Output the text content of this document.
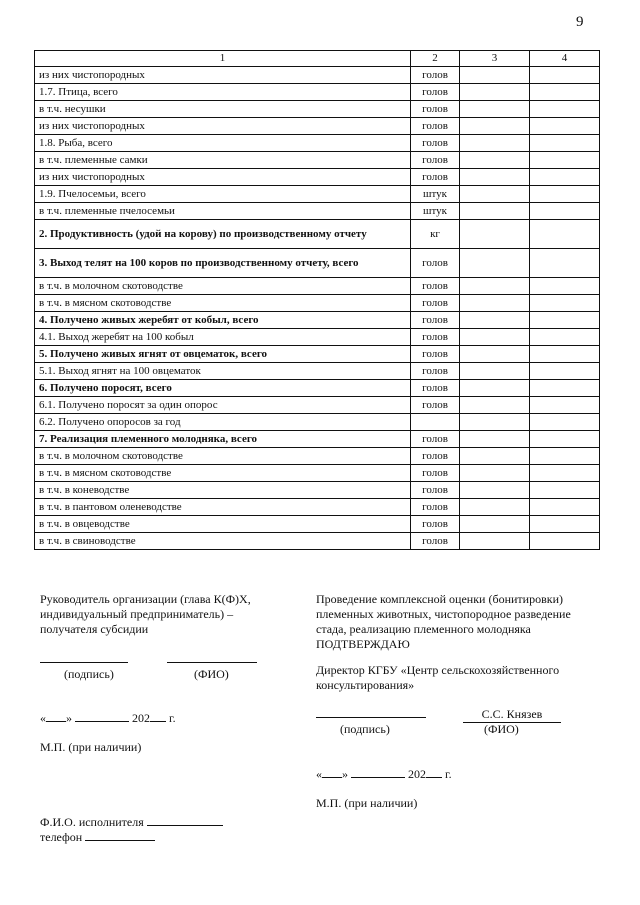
9
1	2	3	4
из них чистопородных	голов		
1.7. Птица, всего	голов		
в т.ч. несушки	голов		
из них чистопородных	голов		
1.8. Рыба, всего	голов		
в т.ч. племенные самки	голов		
из них чистопородных	голов		
1.9. Пчелосемьи, всего	штук		
в т.ч. племенные пчелосемьи	штук		
2. Продуктивность (удой на корову) по производственному отчету	кг		
3. Выход телят на 100 коров по производственному отчету, всего	голов		
в т.ч. в молочном скотоводстве	голов		
в т.ч. в мясном скотоводстве	голов		
4. Получено живых жеребят от кобыл, всего	голов		
4.1. Выход жеребят на 100 кобыл	голов		
5. Получено живых ягнят от овцематок, всего	голов		
5.1. Выход ягнят на 100 овцематок	голов		
6. Получено поросят, всего	голов		
6.1. Получено поросят за один опорос	голов		
6.2. Получено опоросов за год			
7. Реализация племенного молодняка, всего	голов		
в т.ч. в молочном скотоводстве	голов		
в т.ч. в мясном скотоводстве	голов		
в т.ч. в коневодстве	голов		
в т.ч. в пантовом оленеводстве	голов		
в т.ч. в овцеводстве	голов		
в т.ч. в свиноводстве	голов		
Руководитель организации (глава К(Ф)Х,
индивидуальный предприниматель) –
получателя субсидии

(подпись)	(ФИО)
« »	202 г.
М.П. (при наличии)
Ф.И.О. исполнителя
телефон
Проведение комплексной оценки (бонитировки)
племенных животных, чистопородное разведение
стада, реализацию племенного молодняка
ПОДТВЕРЖДАЮ
Директор КГБУ «Центр сельскохозяйственного
консультирования»
С.С. Князев
(подпись)	(ФИО)
« »	202 г.
М.П. (при наличии)
